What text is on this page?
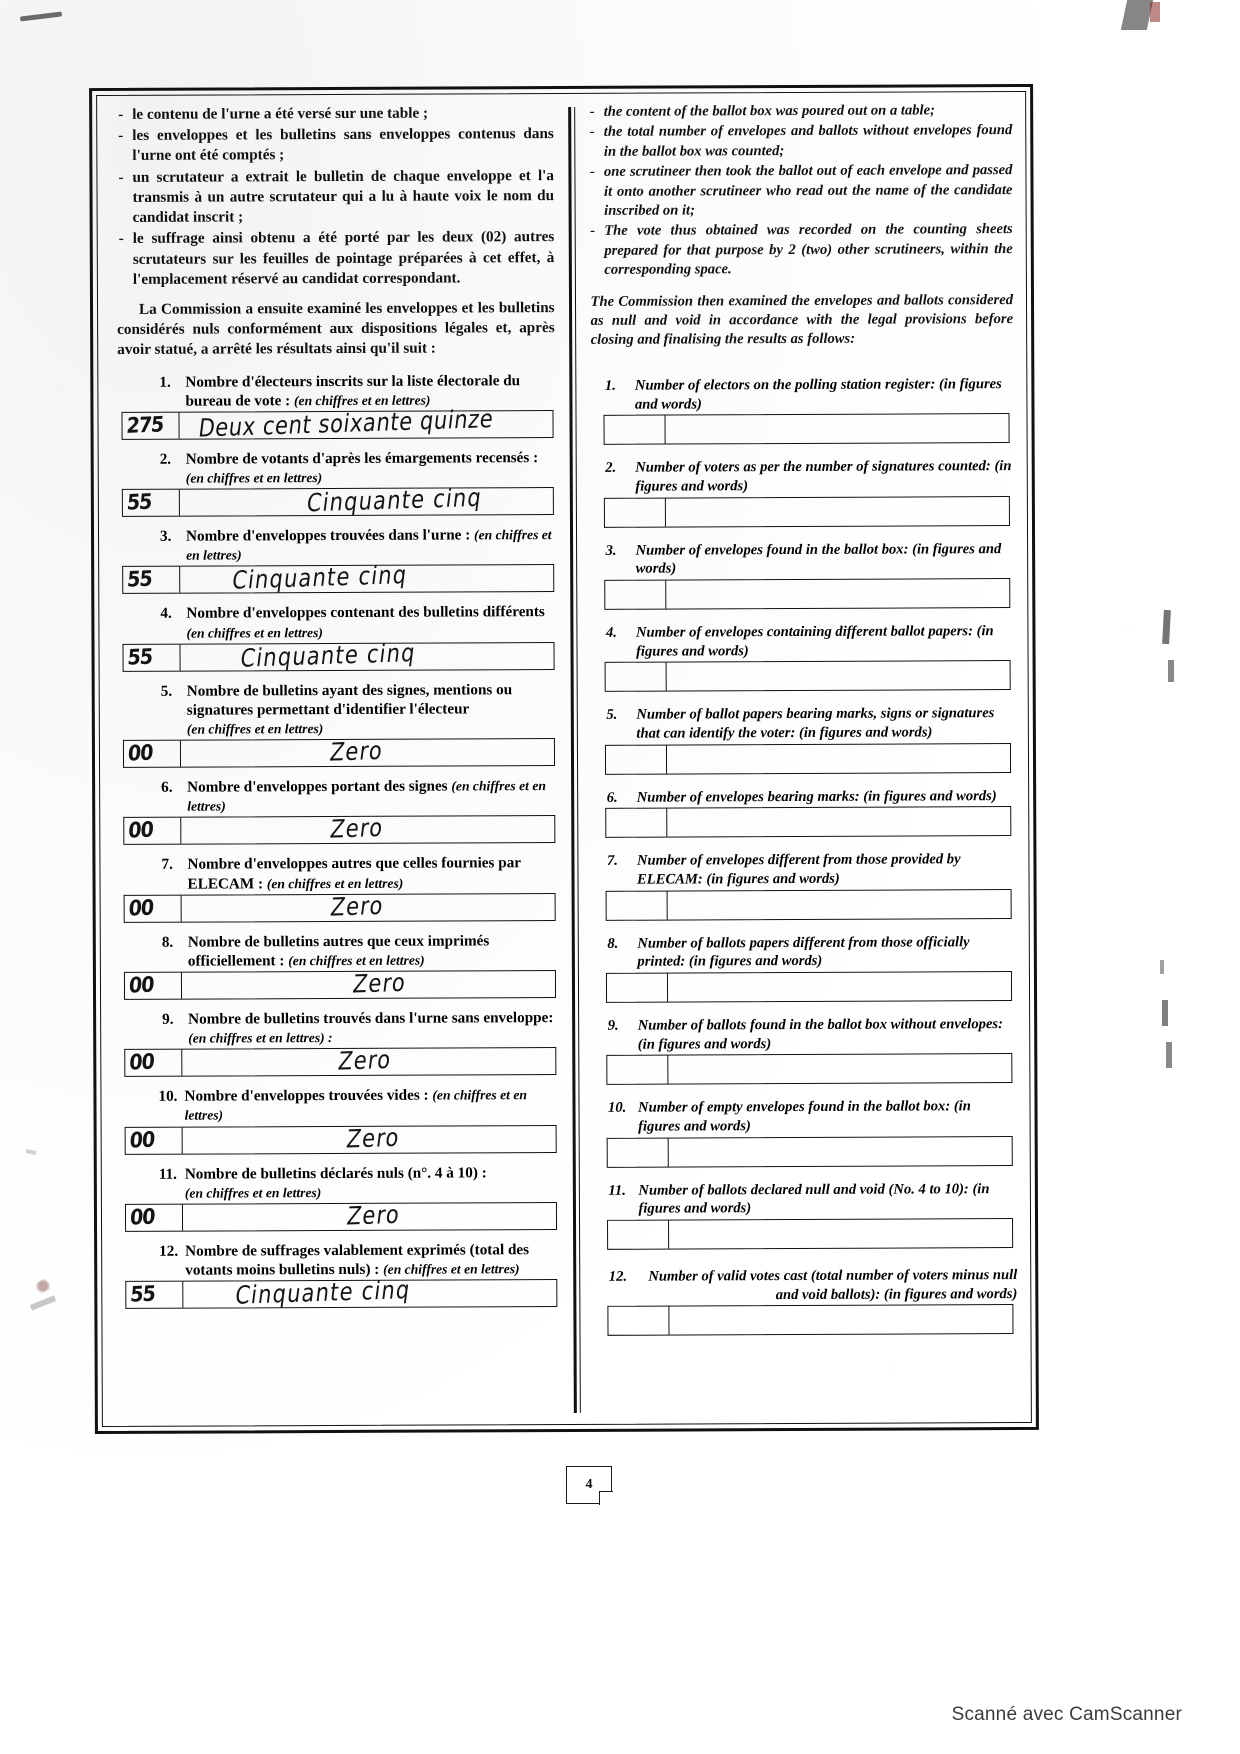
- le contenu de l'urne a été versé sur une table ;
- les enveloppes et les bulletins sans enveloppes contenus dans l'urne ont été comptés ;
- un scrutateur a extrait le bulletin de chaque enveloppe et l'a transmis à un autre scrutateur qui a lu à haute voix le nom du candidat inscrit ;
- le suffrage ainsi obtenu a été porté par les deux (02) autres scrutateurs sur les feuilles de pointage préparées à cet effet, à l'emplacement réservé au candidat correspondant.

La Commission a ensuite examiné les enveloppes et les bulletins considérés nuls conformément aux dispositions légales et, après avoir statué, a arrêté les résultats ainsi qu'il suit :

1. Nombre d'électeurs inscrits sur la liste électorale du bureau de vote : (en chiffres et en lettres)
275 Deux cent soixante quinze
2. Nombre de votants d'après les émargements recensés : (en chiffres et en lettres)
55	Cinquante cinq
3. Nombre d'enveloppes trouvées dans l'urne : (en chiffres et en lettres)
55	Cinquante cinq
4. Nombre d'enveloppes contenant des bulletins différents (en chiffres et en lettres)
55	Cinquante cinq
5. Nombre de bulletins ayant des signes, mentions ou signatures permettant d'identifier l'électeur
(en chiffres et en lettres)
00	Zero
6. Nombre d'enveloppes portant des signes (en chiffres et en lettres)
00	Zero
7. Nombre d'enveloppes autres que celles fournies par ELECAM : (en chiffres et en lettres)
00	Zero
8. Nombre de bulletins autres que ceux imprimés officiellement : (en chiffres et en lettres)
00	Zero
9. Nombre de bulletins trouvés dans l'urne sans enveloppe: (en chiffres et en lettres) :
00	Zero
10. Nombre d'enveloppes trouvées vides : (en chiffres et en lettres)
00	Zero
11. Nombre de bulletins déclarés nuls (n°. 4 à 10) :
(en chiffres et en lettres)
00	Zero
12. Nombre de suffrages valablement exprimés (total des votants moins bulletins nuls) : (en chiffres et en lettres)
55	Cinquante cinq
- the content of the ballot box was poured out on a table;
- the total number of envelopes and ballots without envelopes found in the ballot box was counted;
- one scrutineer then took the ballot out of each envelope and passed it onto another scrutineer who read out the name of the candidate inscribed on it;
- The vote thus obtained was recorded on the counting sheets prepared for that purpose by 2 (two) other scrutineers, within the corresponding space.

The Commission then examined the envelopes and ballots considered as null and void in accordance with the legal provisions before closing and finalising the results as follows:

1.	Number of electors on the polling station register: (in figures and words)
2.	Number of voters as per the number of signatures counted: (in figures and words)
3.	Number of envelopes found in the ballot box: (in figures and words)
4.	Number of envelopes containing different ballot papers: (in figures and words)
5.	Number of ballot papers bearing marks, signs or signatures that can identify the voter: (in figures and words)
6.	Number of envelopes bearing marks: (in figures and words)
7.	Number of envelopes different from those provided by ELECAM: (in figures and words)
8.	Number of ballots papers different from those officially printed: (in figures and words)
9.	Number of ballots found in the ballot box without envelopes: (in figures and words)
10. Number of empty envelopes found in the ballot box: (in figures and words)
11. Number of ballots declared null and void (No. 4 to 10): (in figures and words)
12.	Number of valid votes cast (total number of voters minus null and void ballots): (in figures and words)
4
Scanné avec CamScanner
